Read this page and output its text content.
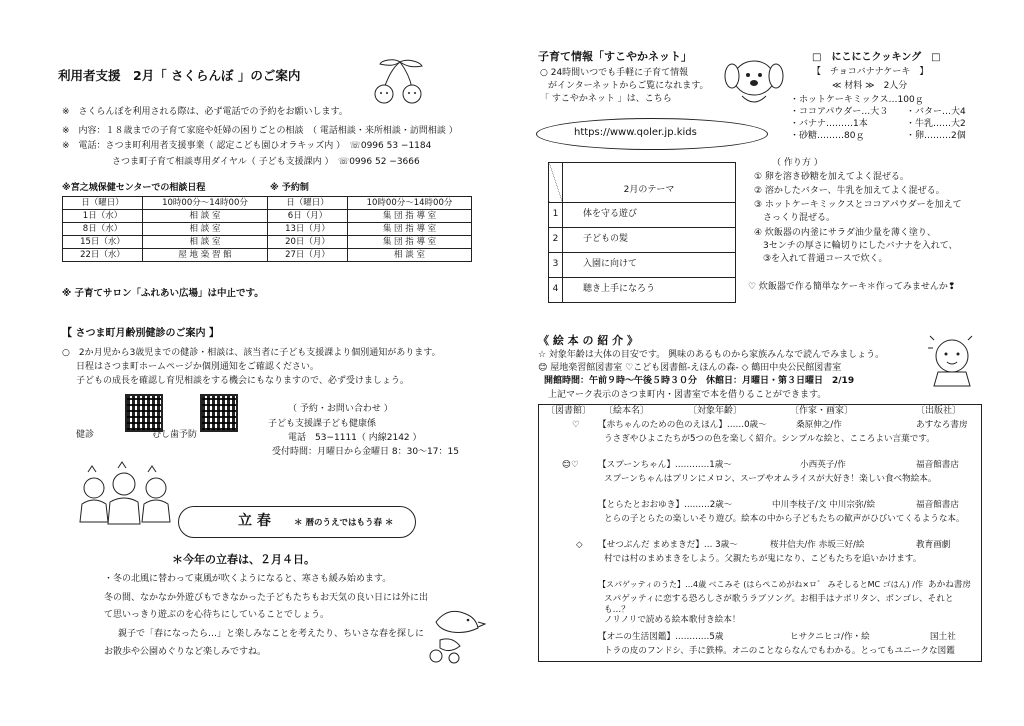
利用者支援　2月「 さくらんぼ 」のご案内
※　さくらんぼを利用される際は、必ず電話での予約をお願いします。
※　内容：１８歳までの子育て家庭や妊婦の困りごとの相談　（ 電話相談・来所相談・訪問相談 ）
※　電話：さつま町利用者支援事業（ 認定こども園ひオラキッズ内 ）　☏0996 53 −1184
さつま町子育て相談専用ダイヤル（ 子ども支援課内 ）　☏0996 52 −3666
※宮之城保健センターでの相談日程	※ 予約制
日（曜日）	10時00分〜14時00分	日（曜日）	10時00分〜14時00分
1日（水）	相 談 室	6日（月）	集 団 指 導 室
8日（水）	相 談 室	13日（月）	集 団 指 導 室
15日（水）	相 談 室	20日（月）	集 団 指 導 室
22日（水）	屋 地 楽 習 館	27日（月）	相 談 室
※ 子育てサロン「ふれあい広場」は中止です。
【 さつま町月齢別健診のご案内 】
○　2か月児から3歳児までの健診・相談は、該当者に子ども支援課より個別通知があります。
日程はさつま町ホームページか個別通知をご確認ください。
子どもの成長を確認し育児相談をする機会にもなりますので、必ず受けましょう。
健診	むし歯予防
（ 予約・お問い合わせ ）
子ども支援課子ども健康係
電話　53−1111（ 内線2142 ）
受付時間：月曜日から金曜日 8：30〜17：15
立 春	＊ 暦のうえではもう春 ＊
＊今年の立春は、２月４日。
・冬の北風に替わって東風が吹くようになると、寒さも緩み始めます。
冬の間、なかなか外遊びもできなかった子どもたちもお天気の良い日には外に出
て思いっきり遊ぶのを心待ちにしていることでしょう。
親子で「春になったら…」と楽しみなことを考えたり、ちいさな春を探しに
お散歩や公園めぐりなど楽しみですね。
子育て情報「すこやかネット」
○ 24時間いつでも手軽に子育て情報
がインターネットからご覧になれます。
「 すこやかネット 」は、こちら
https://www.qoler.jp.kids
	2月のテーマ
1	体を守る遊び
2	子どもの髪
3	入園に向けて
4	聴き上手になろう
□　にこにこクッキング　□
【　チョコバナナケーキ　】
≪ 材料 ≫　2人分
・ホットケーキミックス…100ｇ
・ココアパウダー…大３
・バナナ………1本
・砂糖………80ｇ
・バター…大4
・牛乳……大2
・卵………2個
（ 作り方 ）
① 卵を溶き砂糖を加えてよく混ぜる。
② 溶かしたバター、牛乳を加えてよく混ぜる。
③ ホットケーキミックスとココアパウダーを加えて
　さっくり混ぜる。
④ 炊飯器の内釜にサラダ油少量を薄く塗り、
　3センチの厚さに輪切りにしたバナナを入れて、
　③を入れて普通コースで炊く。
♡ 炊飯器で作る簡単なケーキ＊作ってみませんか❢
《 絵 本 の 紹 介 》
☆ 対象年齢は大体の目安です。 興味のあるものから家族みんなで読んでみましょう。
😊 屋地楽習館図書室 ♡こども図書館-えほんの森- ◇ 鶴田中央公民館図書室
開館時間：午前９時〜午後５時３０分　休館日：月曜日・第３日曜日　2/19
上記マーク表示のさつま町内・図書室で本を借りることができます。
〔図書館〕 〔絵本名〕	〔対象年齢〕	〔作家・画家〕	〔出版社〕
♡ 【赤ちゃんのための色のえほん】……0歳〜	桑原伸之/作	あすなろ書房
うさぎやひよこたちが5つの色を楽しく紹介。シンプルな絵と、こころよい言葉です。
😊♡ 【スプーンちゃん】…………1歳〜	小西英子/作	福音館書店
スプーンちゃんはプリンにメロン、スープやオムライスが大好き！楽しい食べ物絵本。
【とらたとおおゆき】………2歳〜	中川李枝子/文 中川宗弥/絵	福音館書店
とらの子とらたの楽しいそり遊び。絵本の中から子どもたちの歓声がひびいてくるような本。
◇ 【せつぶんだ まめまきだ】… 3歳〜	桜井信夫/作 赤坂三好/絵	教育画劇
村では村のまめまきをしよう。父親たちが鬼になり、こどもたちを追いかけます。
【スパゲッティのうた】…4歳 べこみそ (はらぺこめがね×ロ゛ みそしるとMC ゴはん) /作 あかね書房
スパゲッティに恋する恐ろしさが歌うラブソング。お相手はナポリタン、ボンゴレ、それとも…？
ノリノリで読める絵本歌付き絵本！
【オニの生活図鑑】…………5歳	ヒサクニヒコ/作・絵	国土社
トラの皮のフンドシ、手に鉄棒。オニのことならなんでもわかる。とってもユニークな図鑑
